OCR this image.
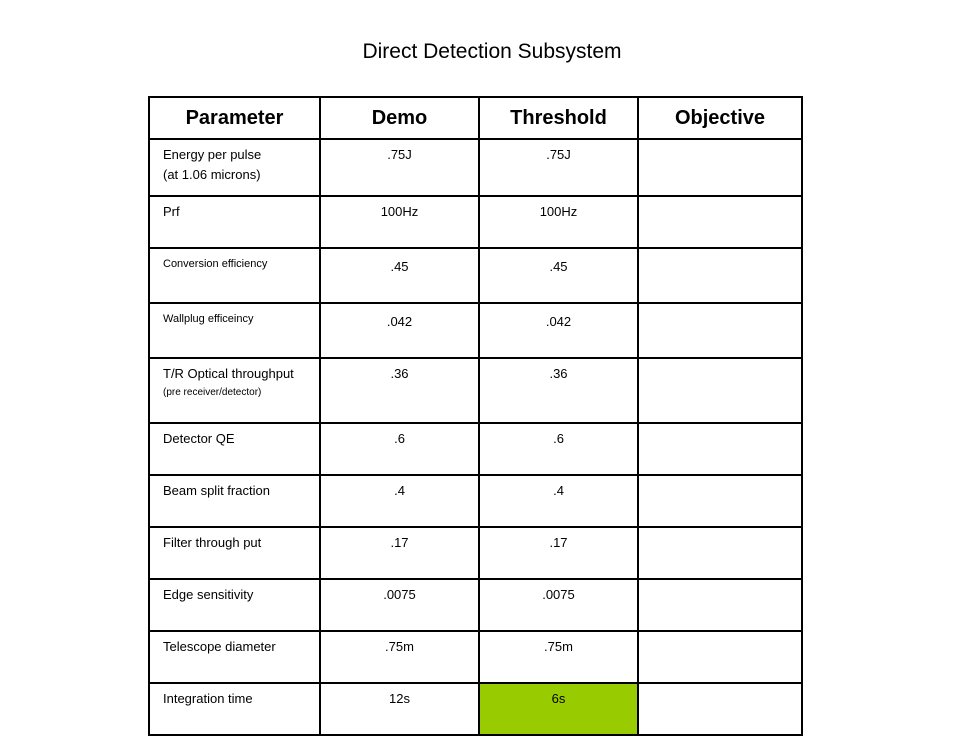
Direct Detection Subsystem
Parameter	Demo	Threshold	Objective

Energy per pulse
(at 1.06 microns)	.75J	.75J	

Prf	100Hz	100Hz	

Conversion efficiency	.45	.45	

Wallplug efficeincy	.042	.042	

T/R Optical throughput
(pre receiver/detector)	.36	.36	

Detector QE	.6	.6	

Beam split fraction	.4	.4	

Filter through put	.17	.17	

Edge sensitivity	.0075	.0075	

Telescope diameter	.75m	.75m	

Integration time	12s	6s	
